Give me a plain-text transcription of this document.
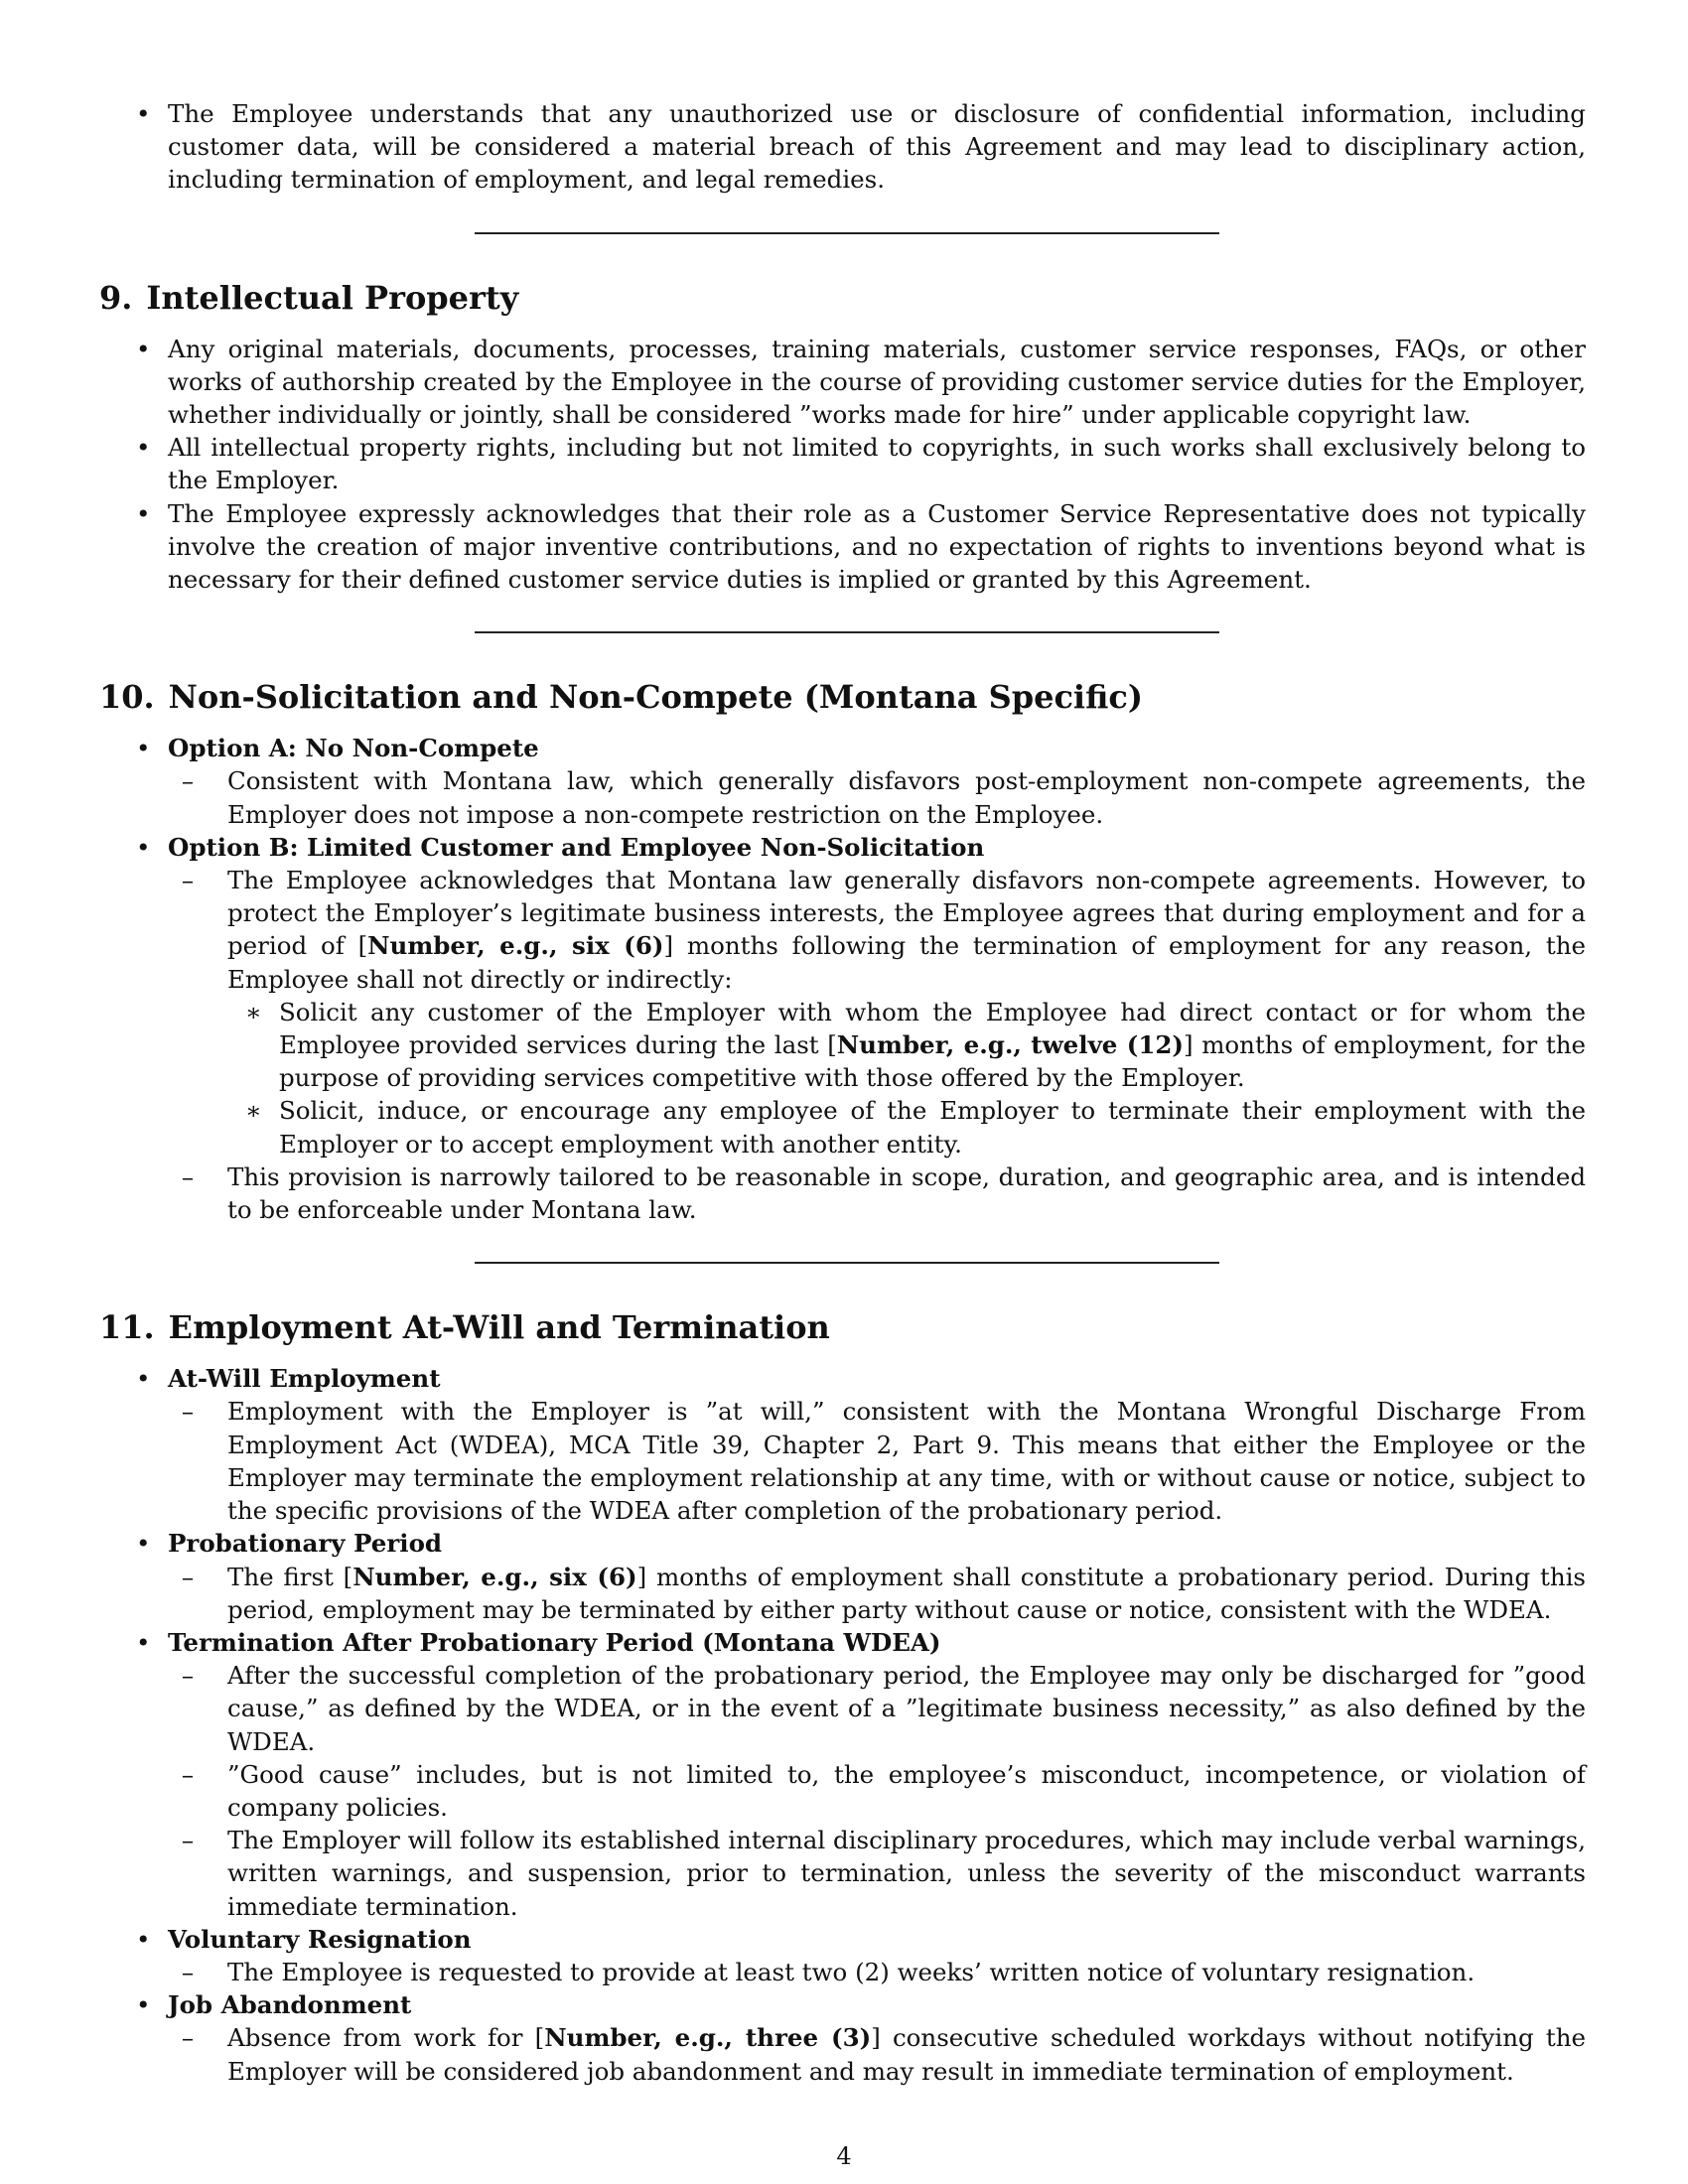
• The Employee understands that any unauthorized use or disclosure of confidential information, including customer data, will be considered a material breach of this Agreement and may lead to disciplinary action, including termination of employment, and legal remedies.
9. Intellectual Property
• Any original materials, documents, processes, training materials, customer service responses, FAQs, or other works of authorship created by the Employee in the course of providing customer service duties for the Employer, whether individually or jointly, shall be considered ”works made for hire” under applicable copyright law.
• All intellectual property rights, including but not limited to copyrights, in such works shall exclusively belong to the Employer.
• The Employee expressly acknowledges that their role as a Customer Service Representative does not typically involve the creation of major inventive contributions, and no expectation of rights to inventions beyond what is necessary for their defined customer service duties is implied or granted by this Agreement.
10. Non-Solicitation and Non-Compete (Montana Specific)
• Option A: No Non-Compete
–	Consistent with Montana law, which generally disfavors post-employment non-compete agreements, the Employer does not impose a non-compete restriction on the Employee.
• Option B: Limited Customer and Employee Non-Solicitation
–	The Employee acknowledges that Montana law generally disfavors non-compete agreements. However, to protect the Employer’s legitimate business interests, the Employee agrees that during employment and for a period of [Number, e.g., six (6)] months following the termination of employment for any reason, the Employee shall not directly or indirectly:
∗ Solicit any customer of the Employer with whom the Employee had direct contact or for whom the Employee provided services during the last [Number, e.g., twelve (12)] months of employment, for the purpose of providing services competitive with those offered by the Employer.
∗ Solicit, induce, or encourage any employee of the Employer to terminate their employment with the Employer or to accept employment with another entity.
–	This provision is narrowly tailored to be reasonable in scope, duration, and geographic area, and is intended to be enforceable under Montana law.
11. Employment At-Will and Termination
• At-Will Employment
–	Employment with the Employer is ”at will,” consistent with the Montana Wrongful Discharge From Employment Act (WDEA), MCA Title 39, Chapter 2, Part 9. This means that either the Employee or the Employer may terminate the employment relationship at any time, with or without cause or notice, subject to the specific provisions of the WDEA after completion of the probationary period.
• Probationary Period
–	The first [Number, e.g., six (6)] months of employment shall constitute a probationary period. During this period, employment may be terminated by either party without cause or notice, consistent with the WDEA.
• Termination After Probationary Period (Montana WDEA)
–	After the successful completion of the probationary period, the Employee may only be discharged for ”good cause,” as defined by the WDEA, or in the event of a ”legitimate business necessity,” as also defined by the WDEA.
–	”Good cause” includes, but is not limited to, the employee’s misconduct, incompetence, or violation of company policies.
–	The Employer will follow its established internal disciplinary procedures, which may include verbal warnings, written warnings, and suspension, prior to termination, unless the severity of the misconduct warrants immediate termination.
• Voluntary Resignation
–	The Employee is requested to provide at least two (2) weeks’ written notice of voluntary resignation.
• Job Abandonment
–	Absence from work for [Number, e.g., three (3)] consecutive scheduled workdays without notifying the Employer will be considered job abandonment and may result in immediate termination of employment.
4
